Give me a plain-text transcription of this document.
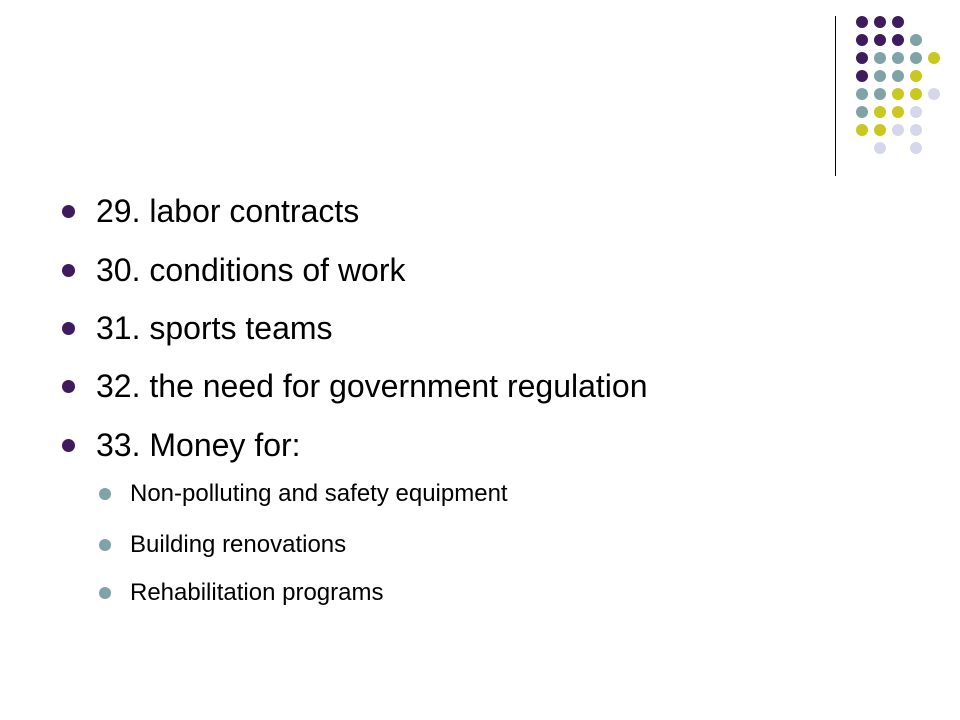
29. labor contracts
30. conditions of work
31. sports teams
32. the need for government regulation
33. Money for:
Non-polluting and safety equipment
Building renovations
Rehabilitation programs
